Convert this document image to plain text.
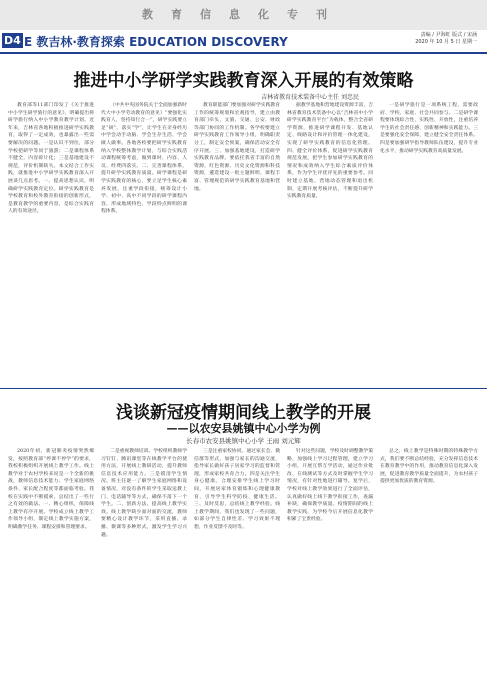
教育信息化专刊
D4 E 教吉林·教育探索 EDUCATION DISCOVERY	责编 / 尹海虹 版式 / 宋涵
2020 年 10 月 5 日 星期一
推进中小学研学实践教育深入开展的有效策略
吉林省教育技术装备中心主任 刘忠民

教育部等11部门印发了《关于推进中小学生研学旅行的意见》，明确提出将研学旅行纳入中小学教育教学计划。近年来，吉林省各地积极推进研学实践教育，取得了一定成效，也暴露出一些需要解决的问题。一是认识不到位，部分学校把研学等同于旅游；二是课程体系不健全，内容碎片化；三是基地建设不规范，评价机制缺失。本文结合工作实践，就推进中小学研学实践教育深入开展谈几点思考。一、提高思想认识，明确研学实践教育定位。研学实践教育是学校教育和校外教育衔接的创新形式，是教育教学的重要内容，是综合实践育人的有效途径。

（中共中央国务院关于全面加强新时代大中小学劳动教育的意见）“要强化实践育人，坚持知行合一”，研学实践要立足“研”、落实“学”，让学生在亲身经历中学会动手动脑、学会生存生活、学会做人做事。各地各校要把研学实践教育纳入学校整体教学计划，与综合实践活动课程统筹考虑，做到课时、内容、人员、经费四落实。二、完善课程体系，提升研学实践教育质量。研学课程是研学实践教育的核心，要立足学生核心素养发展，注重学段衔接，统筹设计小学、初中、高中不同学段的研学课程内容，形成地域特色、学段特点鲜明的课程体系。

教育职能部门要加强对研学实践教育工作的统筹规划和宏观指导，建立由教育部门牵头，文旅、交通、公安、财政等部门协同的工作机制。各学校要建立研学实践教育工作领导小组，明确职责分工，制定安全预案，确保活动安全有序开展。三、加强基地建设，打造研学实践教育品牌。要依托我省丰富的自然资源、红色资源、历史文化资源和科技资源，遴选建设一批主题鲜明、课程丰富、管理规范的研学实践教育基地和营地。

据教学基地和营地建设资源丰富，吉林省教育技术装备中心以“吉林省中小学研学实践教育平台”为载体，整合全省研学资源，推进研学课程开发、基地认定、线路设计和评价管理一体化建设，实现了研学实践教育的信息化管理。四、健全评价体系，促进研学实践教育规范发展。把学生参加研学实践教育的情况和成效纳入学生综合素质评价体系，作为学生评优评先的重要参考。同时建立基地、营地动态管理和退出机制，定期开展考核评估，不断提升研学实践教育质量。

一是研学旅行是一项系统工程，需要政府、学校、家庭、社会共同参与。二是研学课程要体现综合性、实践性、开放性，注重培养学生的社会责任感、创新精神和实践能力。三是要强化安全保障，建立健全安全责任体系。四是要加强研学指导教师队伍建设，提升专业化水平，推动研学实践教育高质量发展。

浅谈新冠疫情期间线上教学的开展
——以农安县姚镇中心小学为例
长春市农安县姚镇中心小学 王雨 刘元辉

2020年初，新冠肺炎疫情突然爆发，按照教育部“停课不停学”的要求，我校积极组织开展线上教学工作。线上教学对于农村学校来说是一个全新的挑战，教师信息技术能力、学生家庭网络条件、家长配合程度等都面临考验。我校在实践中不断摸索，总结出了一些行之有效的做法。一、精心组织，保障线上教学有序开展。学校成立线上教学工作领导小组，制定线上教学实施方案，明确教学任务、课程安排和管理要求。

二是重视教师培训。学校组织教师学习钉钉、腾讯课堂等在线教学平台的使用方法，开展线上教研活动，提升教师信息技术应用能力。三是摸清学生情况。班主任逐一了解学生家庭网络和设备情况，对没有条件的学生采取送教上门、电话辅导等方式，确保不落下一个学生。二、创新方法，提高线上教学实效。线上教学缺少面对面的交流，教师要精心设计教学环节，采用直播、录播、微课等多种形式，激发学生学习兴趣。

三是注重家校协同。通过家长会、微信群等形式，加强与家长的沟通交流，指导家长做好孩子居家学习的监督和管理，形成家校共育合力。四是关注学生身心健康。合理安排学生线上学习时间，开展居家体育锻炼和心理健康教育，引导学生科学防疫、健康生活。三、及时反思，总结线上教学经验。线上教学期间，我们也发现了一些问题，如部分学生自律性差、学习效果不理想，作业反馈不及时等。

针对这些问题，学校及时调整教学策略，加强线上学习过程管理，建立学习小组，开展互帮互学活动，通过作业批改、在线测试等方式及时掌握学生学习情况，有针对性地进行辅导。复学后，学校对线上教学效果进行了全面评估，认真做好线上线下教学衔接工作，查漏补缺，确保教学质量。疫情期间的线上教学实践，为学校今后开展信息化教学积累了宝贵经验。

总之，线上教学是特殊时期的特殊教学方式，我们要不断总结经验，充分发挥信息技术在教育教学中的作用，推动教育信息化深入发展，促进教育教学质量全面提升，为农村孩子提供更加优质的教育资源。
